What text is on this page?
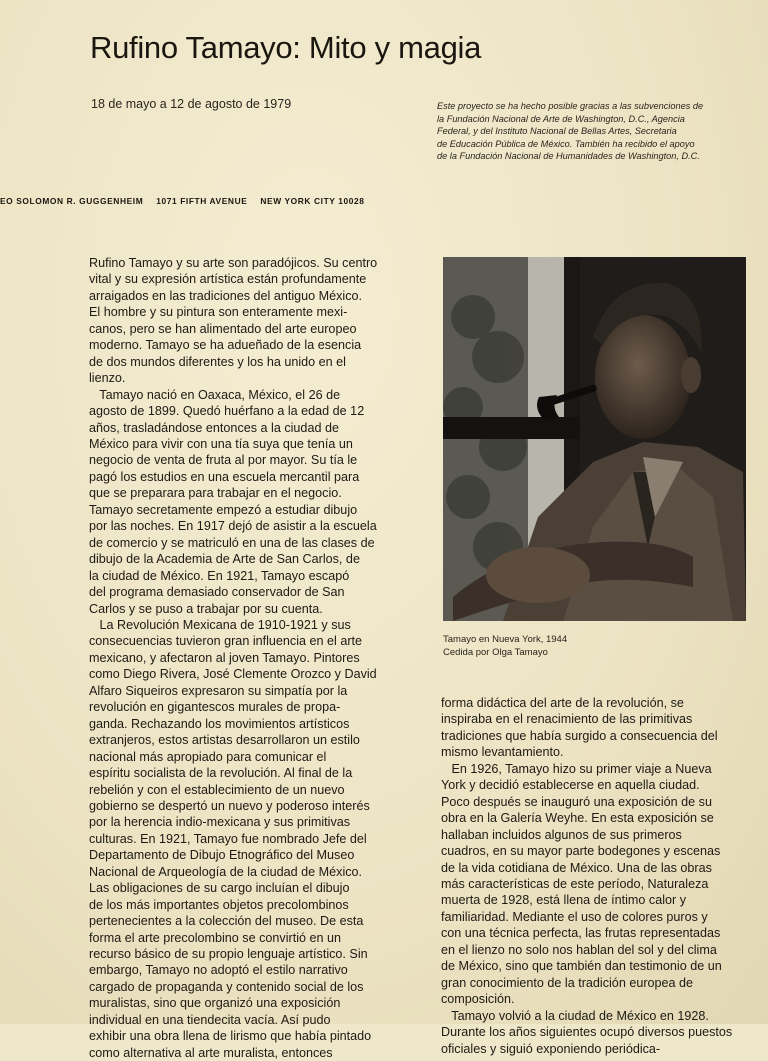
Rufino Tamayo: Mito y magia
18 de mayo a 12 de agosto de 1979	Este proyecto se ha hecho posible gracias a las subvenciones de
la Fundación Nacional de Arte de Washington, D.C., Agencia
Federal, y del Instituto Nacional de Bellas Artes, Secretaria
de Educación Pública de México. También ha recibido el apoyo
de la Fundación Nacional de Humanidades de Washington, D.C.
EO SOLOMON R. GUGGENHEIM 1071 FIFTH AVENUE NEW YORK CITY 10028
Rufino Tamayo y su arte son paradójicos. Su centro
vital y su expresión artística están profundamente
arraigados en las tradiciones del antiguo México.
El hombre y su pintura son enteramente mexi-
canos, pero se han alimentado del arte europeo
moderno. Tamayo se ha adueñado de la esencia
de dos mundos diferentes y los ha unido en el
lienzo.
Tamayo nació en Oaxaca, México, el 26 de
agosto de 1899. Quedó huérfano a la edad de 12
años, trasladándose entonces a la ciudad de
México para vivir con una tía suya que tenía un
negocio de venta de fruta al por mayor. Su tía le
pagó los estudios en una escuela mercantil para
que se preparara para trabajar en el negocio.
Tamayo secretamente empezó a estudiar dibujo
por las noches. En 1917 dejó de asistir a la escuela
de comercio y se matriculó en una de las clases de
dibujo de la Academia de Arte de San Carlos, de
la ciudad de México. En 1921, Tamayo escapó
del programa demasiado conservador de San
Carlos y se puso a trabajar por su cuenta.
La Revolución Mexicana de 1910-1921 y sus
consecuencias tuvieron gran influencia en el arte
mexicano, y afectaron al joven Tamayo. Pintores
como Diego Rivera, José Clemente Orozco y David
Alfaro Siqueiros expresaron su simpatía por la
revolución en gigantescos murales de propa-
ganda. Rechazando los movimientos artísticos
extranjeros, estos artistas desarrollaron un estilo
nacional más apropiado para comunicar el
espíritu socialista de la revolución. Al final de la
rebelión y con el establecimiento de un nuevo
gobierno se despertó un nuevo y poderoso interés
por la herencia indio-mexicana y sus primitivas
culturas. En 1921, Tamayo fue nombrado Jefe del
Departamento de Dibujo Etnográfico del Museo
Nacional de Arqueología de la ciudad de México.
Las obligaciones de su cargo incluían el dibujo
de los más importantes objetos precolombinos
pertenecientes a la colección del museo. De esta
forma el arte precolombino se convirtió en un
recurso básico de su propio lenguaje artístico. Sin
embargo, Tamayo no adoptó el estilo narrativo
cargado de propaganda y contenido social de los
muralistas, sino que organizó una exposición
individual en una tiendecita vacía. Así pudo
exhibir una obra llena de lirismo que había pintado
como alternativa al arte muralista, entonces
Tamayo en Nueva York, 1944
Cedida por Olga Tamayo
forma didáctica del arte de la revolución, se
inspiraba en el renacimiento de las primitivas
tradiciones que había surgido a consecuencia del
mismo levantamiento.
En 1926, Tamayo hizo su primer viaje a Nueva
York y decidió establecerse en aquella ciudad.
Poco después se inauguró una exposición de su
obra en la Galería Weyhe. En esta exposición se
hallaban incluidos algunos de sus primeros
cuadros, en su mayor parte bodegones y escenas
de la vida cotidiana de México. Una de las obras
más características de este período, Naturaleza
muerta de 1928, está llena de íntimo calor y
familiaridad. Mediante el uso de colores puros y
con una técnica perfecta, las frutas representadas
en el lienzo no solo nos hablan del sol y del clima
de México, sino que también dan testimonio de un
gran conocimiento de la tradición europea de
composición.
Tamayo volvió a la ciudad de México en 1928.
Durante los años siguientes ocupó diversos puestos
oficiales y siguió exponiendo periódica-
